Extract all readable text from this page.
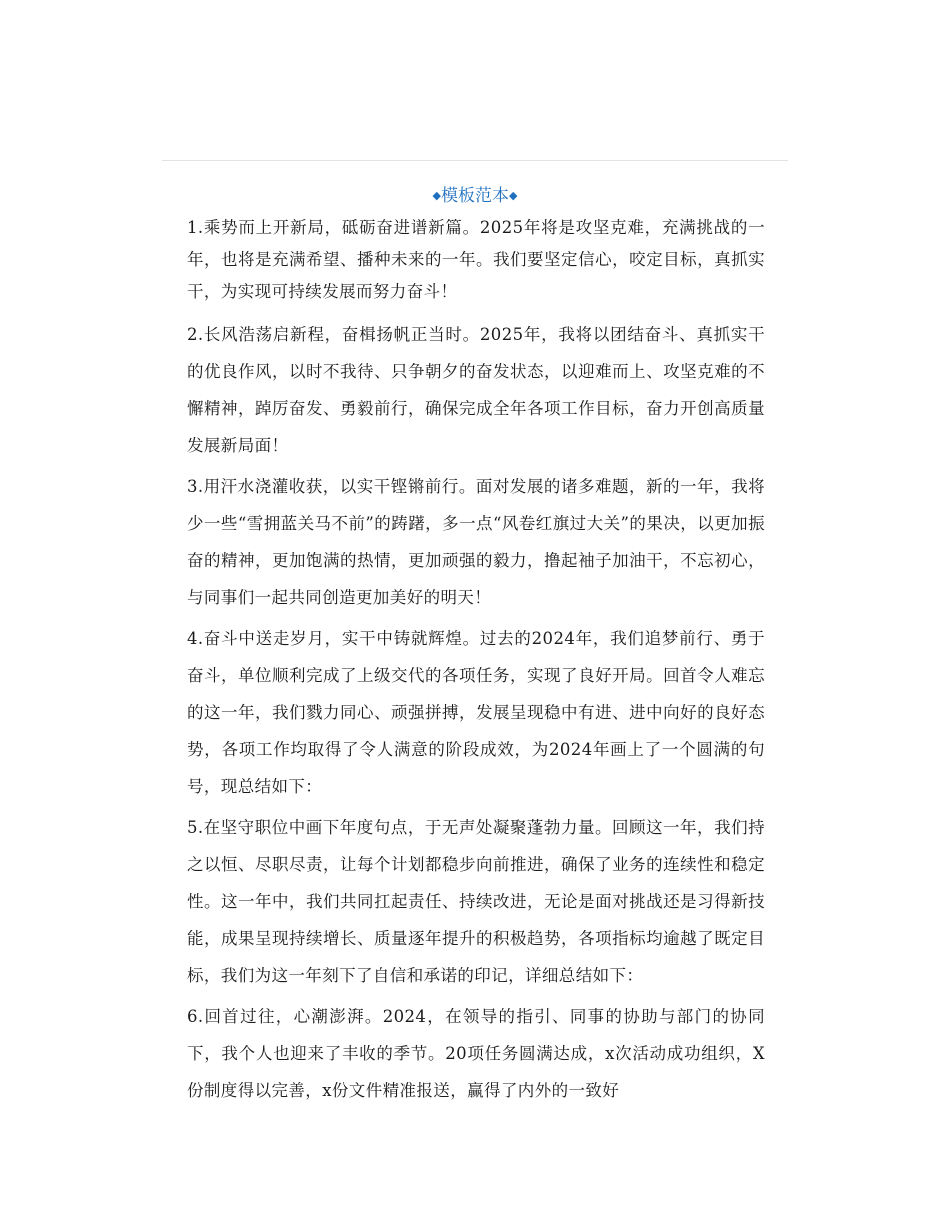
◆模板范本◆

1.乘势而上开新局，砥砺奋进谱新篇。2025年将是攻坚克难，充满挑战的一年，也将是充满希望、播种未来的一年。我们要坚定信心，咬定目标，真抓实干，为实现可持续发展而努力奋斗！

2.长风浩荡启新程，奋楫扬帆正当时。2025年，我将以团结奋斗、真抓实干的优良作风，以时不我待、只争朝夕的奋发状态，以迎难而上、攻坚克难的不懈精神，踔厉奋发、勇毅前行，确保完成全年各项工作目标，奋力开创高质量发展新局面！

3.用汗水浇灌收获，以实干铿锵前行。面对发展的诸多难题，新的一年，我将少一些“雪拥蓝关马不前”的踌躇，多一点“风卷红旗过大关”的果决，以更加振奋的精神，更加饱满的热情，更加顽强的毅力，撸起袖子加油干，不忘初心，与同事们一起共同创造更加美好的明天！

4.奋斗中送走岁月，实干中铸就辉煌。过去的2024年，我们追梦前行、勇于奋斗，单位顺利完成了上级交代的各项任务，实现了良好开局。回首令人难忘的这一年，我们戮力同心、顽强拼搏，发展呈现稳中有进、进中向好的良好态势，各项工作均取得了令人满意的阶段成效，为2024年画上了一个圆满的句号，现总结如下：

5.在坚守职位中画下年度句点，于无声处凝聚蓬勃力量。回顾这一年，我们持之以恒、尽职尽责，让每个计划都稳步向前推进，确保了业务的连续性和稳定性。这一年中，我们共同扛起责任、持续改进，无论是面对挑战还是习得新技能，成果呈现持续增长、质量逐年提升的积极趋势，各项指标均逾越了既定目标，我们为这一年刻下了自信和承诺的印记，详细总结如下：

6.回首过往，心潮澎湃。2024，在领导的指引、同事的协助与部门的协同下，我个人也迎来了丰收的季节。20项任务圆满达成，x次活动成功组织，X份制度得以完善，x份文件精准报送，赢得了内外的一致好
